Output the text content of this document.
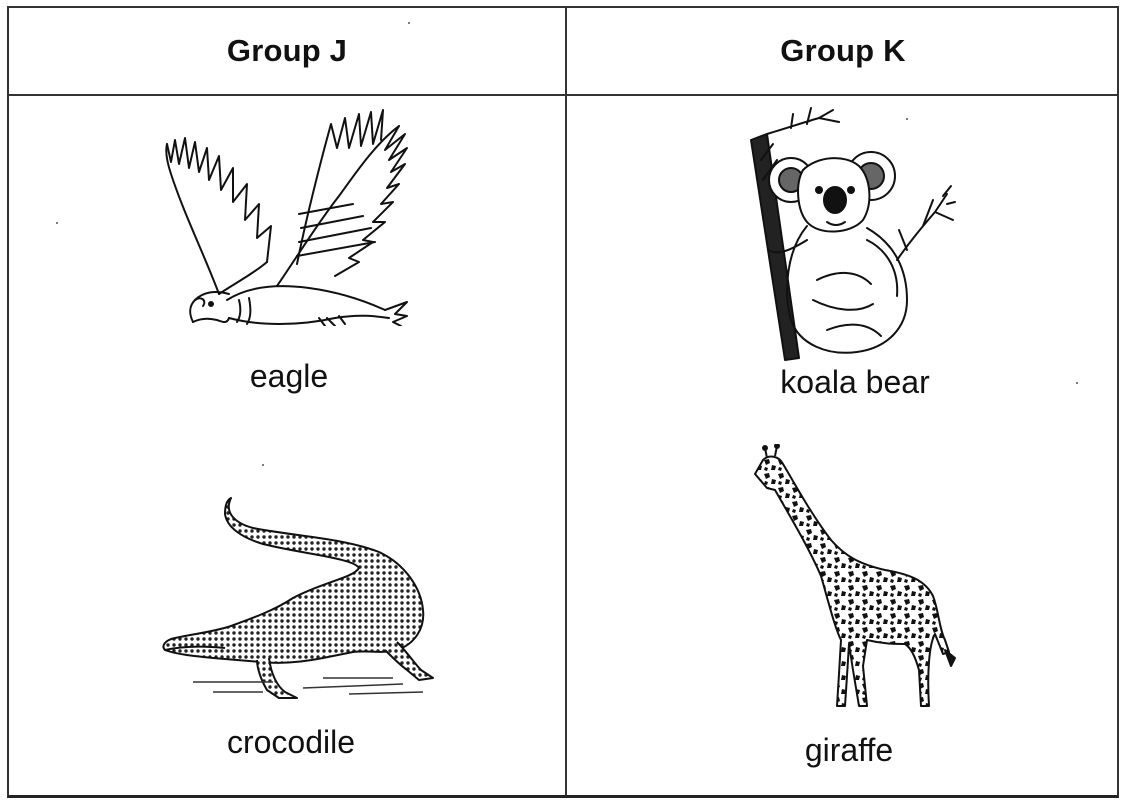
Group J	Group K
eagle
crocodile
koala bear
giraffe
